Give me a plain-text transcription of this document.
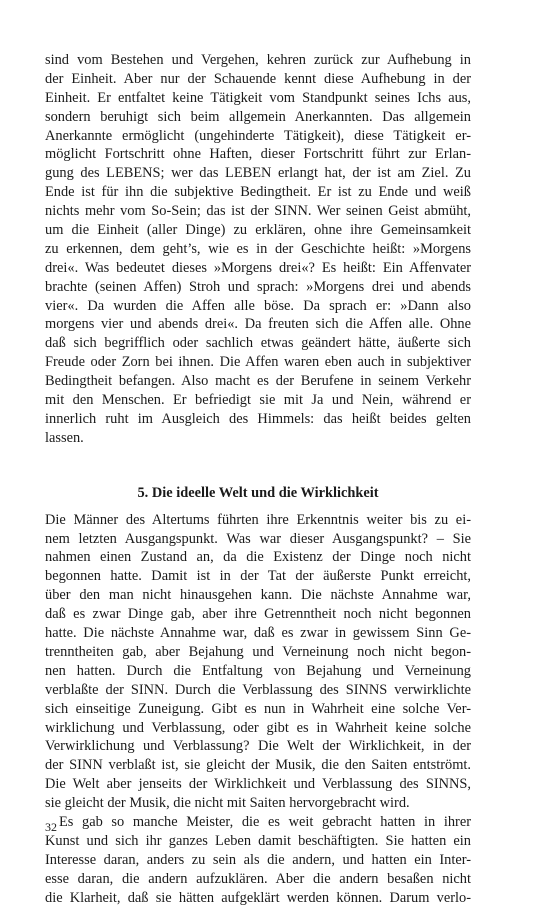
sind vom Bestehen und Vergehen, kehren zurück zur Aufhebung in
der Einheit. Aber nur der Schauende kennt diese Aufhebung in der
Einheit. Er entfaltet keine Tätigkeit vom Standpunkt seines Ichs aus,
sondern beruhigt sich beim allgemein Anerkannten. Das allgemein
Anerkannte ermöglicht (ungehinderte Tätigkeit), diese Tätigkeit er-
möglicht Fortschritt ohne Haften, dieser Fortschritt führt zur Erlan-
gung des LEBENS; wer das LEBEN erlangt hat, der ist am Ziel. Zu
Ende ist für ihn die subjektive Bedingtheit. Er ist zu Ende und weiß
nichts mehr vom So-Sein; das ist der SINN. Wer seinen Geist abmüht,
um die Einheit (aller Dinge) zu erklären, ohne ihre Gemeinsamkeit
zu erkennen, dem geht’s, wie es in der Geschichte heißt: »Morgens
drei«. Was bedeutet dieses »Morgens drei«? Es heißt: Ein Affenvater
brachte (seinen Affen) Stroh und sprach: »Morgens drei und abends
vier«. Da wurden die Affen alle böse. Da sprach er: »Dann also
morgens vier und abends drei«. Da freuten sich die Affen alle. Ohne
daß sich begrifflich oder sachlich etwas geändert hätte, äußerte sich
Freude oder Zorn bei ihnen. Die Affen waren eben auch in subjektiver
Bedingtheit befangen. Also macht es der Berufene in seinem Verkehr
mit den Menschen. Er befriedigt sie mit Ja und Nein, während er
innerlich ruht im Ausgleich des Himmels: das heißt beides gelten
lassen.
5. Die ideelle Welt und die Wirklichkeit
Die Männer des Altertums führten ihre Erkenntnis weiter bis zu ei-
nem letzten Ausgangspunkt. Was war dieser Ausgangspunkt? – Sie
nahmen einen Zustand an, da die Existenz der Dinge noch nicht
begonnen hatte. Damit ist in der Tat der äußerste Punkt erreicht,
über den man nicht hinausgehen kann. Die nächste Annahme war,
daß es zwar Dinge gab, aber ihre Getrenntheit noch nicht begonnen
hatte. Die nächste Annahme war, daß es zwar in gewissem Sinn Ge-
trenntheiten gab, aber Bejahung und Verneinung noch nicht begon-
nen hatten. Durch die Entfaltung von Bejahung und Verneinung
verblaßte der SINN. Durch die Verblassung des SINNS verwirklichte
sich einseitige Zuneigung. Gibt es nun in Wahrheit eine solche Ver-
wirklichung und Verblassung, oder gibt es in Wahrheit keine solche
Verwirklichung und Verblassung? Die Welt der Wirklichkeit, in der
der SINN verblaßt ist, sie gleicht der Musik, die den Saiten entströmt.
Die Welt aber jenseits der Wirklichkeit und Verblassung des SINNS,
sie gleicht der Musik, die nicht mit Saiten hervorgebracht wird.
Es gab so manche Meister, die es weit gebracht hatten in ihrer
Kunst und sich ihr ganzes Leben damit beschäftigten. Sie hatten ein
Interesse daran, anders zu sein als die andern, und hatten ein Inter-
esse daran, die andern aufzuklären. Aber die andern besaßen nicht
die Klarheit, daß sie hätten aufgeklärt werden können. Darum verlo-
32
